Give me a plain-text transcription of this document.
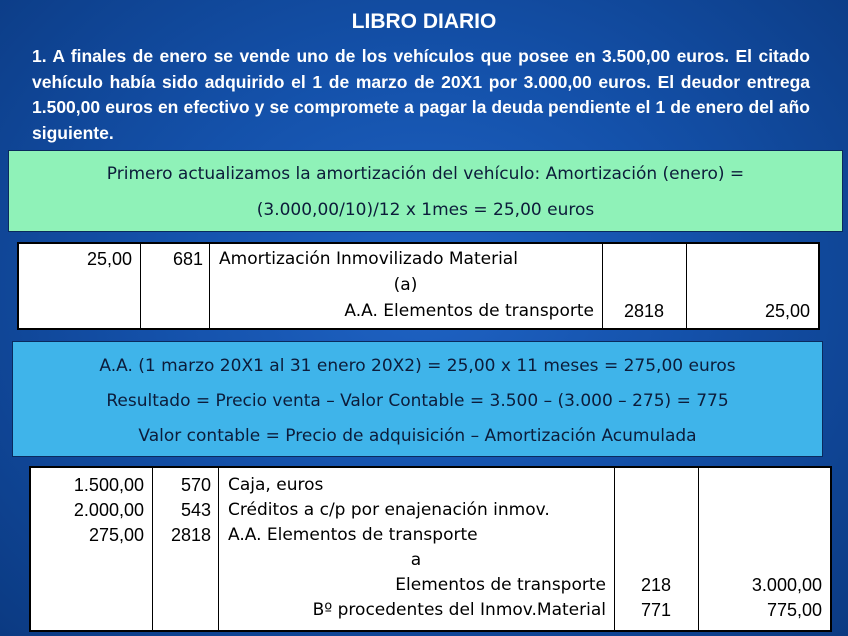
LIBRO DIARIO
1. A finales de enero se vende uno de los vehículos que posee en 3.500,00 euros. El citado vehículo había sido adquirido el 1 de marzo de 20X1 por 3.000,00 euros. El deudor entrega 1.500,00 euros en efectivo y se compromete a pagar la deuda pendiente el 1 de enero del año siguiente.
Primero actualizamos la amortización del vehículo: Amortización (enero) =
(3.000,00/10)/12 x 1mes = 25,00 euros
25,00	681 Amortización Inmovilizado Material
(a)
A.A. Elementos de transporte	2818	25,00
A.A. (1 marzo 20X1 al 31 enero 20X2) = 25,00 x 11 meses = 275,00 euros
Resultado = Precio venta – Valor Contable = 3.500 – (3.000 – 275) = 775
Valor contable = Precio de adquisición – Amortización Acumulada
1.500,00	570 Caja, euros
2.000,00	543 Créditos a c/p por enajenación inmov.
275,00	2818 A.A. Elementos de transporte
a
Elementos de transporte	218	3.000,00
Bº procedentes del Inmov.Material	771	775,00
